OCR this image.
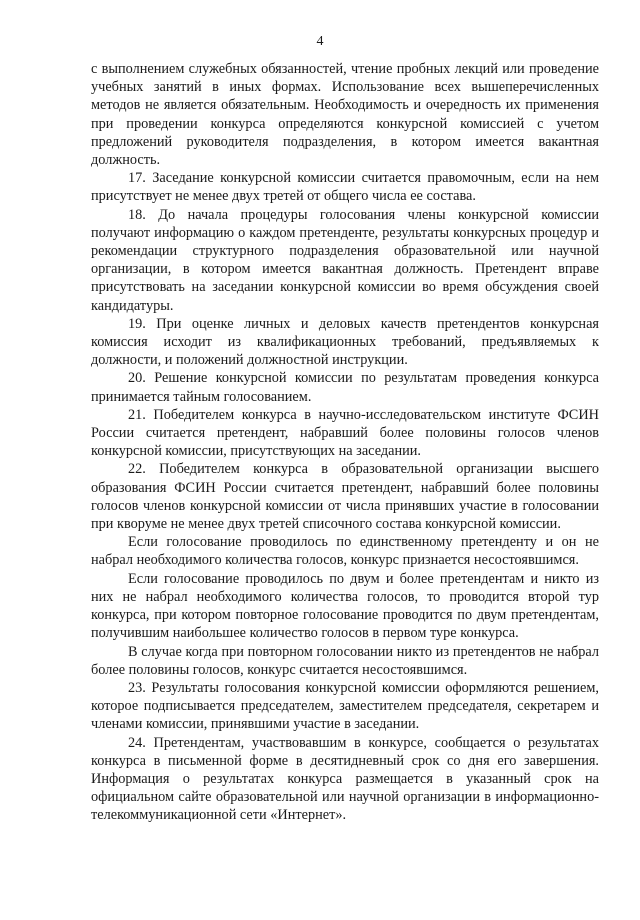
4

с выполнением служебных обязанностей, чтение пробных лекций или проведение учебных занятий в иных формах. Использование всех вышеперечисленных методов не является обязательным. Необходимость и очередность их применения при проведении конкурса определяются конкурсной комиссией с учетом предложений руководителя подразделения, в котором имеется вакантная должность.

17. Заседание конкурсной комиссии считается правомочным, если на нем присутствует не менее двух третей от общего числа ее состава.

18. До начала процедуры голосования члены конкурсной комиссии получают информацию о каждом претенденте, результаты конкурсных процедур и рекомендации структурного подразделения образовательной или научной организации, в котором имеется вакантная должность. Претендент вправе присутствовать на заседании конкурсной комиссии во время обсуждения своей кандидатуры.

19. При оценке личных и деловых качеств претендентов конкурсная комиссия исходит из квалификационных требований, предъявляемых к должности, и положений должностной инструкции.

20. Решение конкурсной комиссии по результатам проведения конкурса принимается тайным голосованием.

21. Победителем конкурса в научно-исследовательском институте ФСИН России считается претендент, набравший более половины голосов членов конкурсной комиссии, присутствующих на заседании.

22. Победителем конкурса в образовательной организации высшего образования ФСИН России считается претендент, набравший более половины голосов членов конкурсной комиссии от числа принявших участие в голосовании при кворуме не менее двух третей списочного состава конкурсной комиссии.

Если голосование проводилось по единственному претенденту и он не набрал необходимого количества голосов, конкурс признается несостоявшимся.

Если голосование проводилось по двум и более претендентам и никто из них не набрал необходимого количества голосов, то проводится второй тур конкурса, при котором повторное голосование проводится по двум претендентам, получившим наибольшее количество голосов в первом туре конкурса.

В случае когда при повторном голосовании никто из претендентов не набрал более половины голосов, конкурс считается несостоявшимся.

23. Результаты голосования конкурсной комиссии оформляются решением, которое подписывается председателем, заместителем председателя, секретарем и членами комиссии, принявшими участие в заседании.

24. Претендентам, участвовавшим в конкурсе, сообщается о результатах конкурса в письменной форме в десятидневный срок со дня его завершения. Информация о результатах конкурса размещается в указанный срок на официальном сайте образовательной или научной организации в информационно-телекоммуникационной сети «Интернет».
